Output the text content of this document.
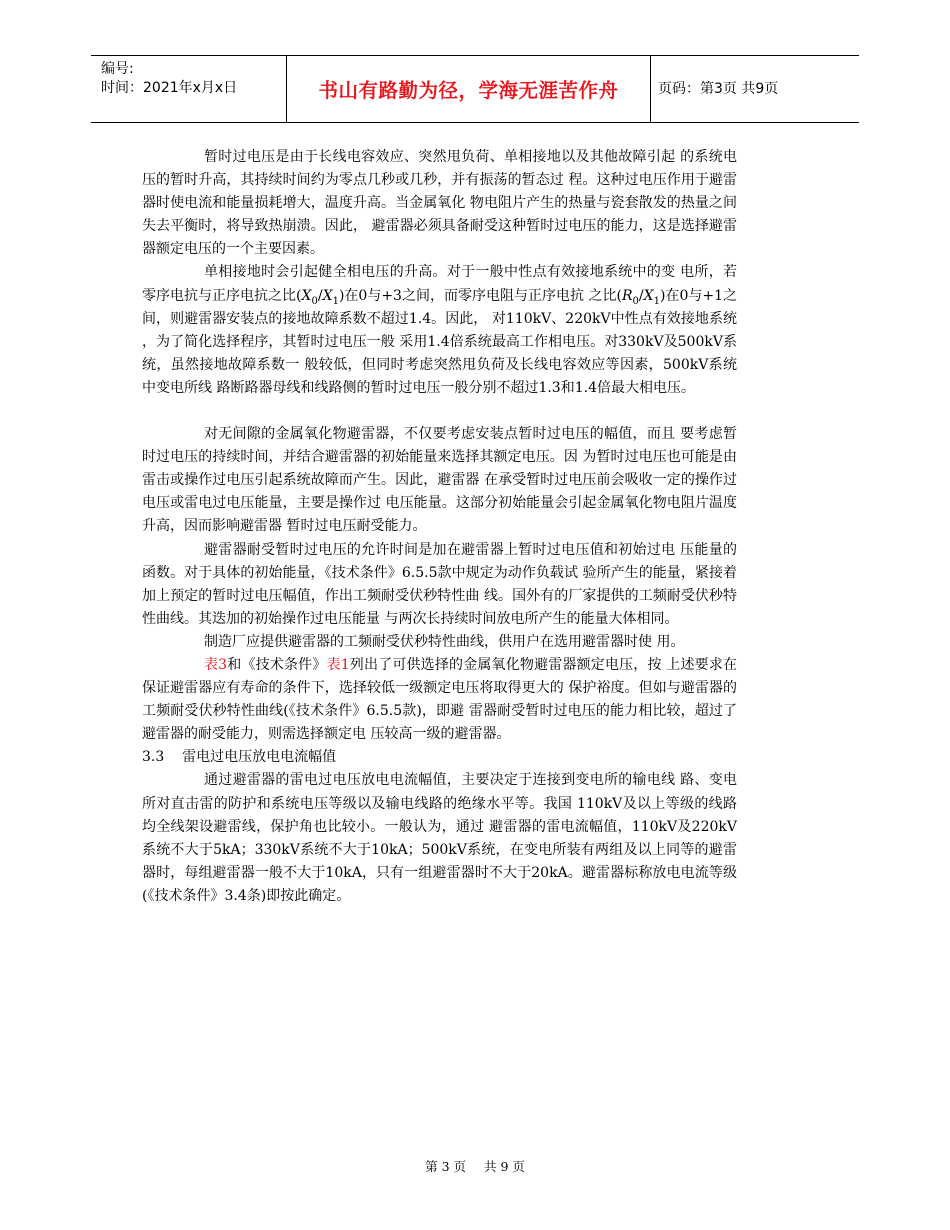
编号:
时间：2021年x月x日	书山有路勤为径，学海无涯苦作舟	页码：第3页 共9页

暂时过电压是由于长线电容效应、突然甩负荷、单相接地以及其他故障引起 的系统电压的暂时升高，其持续时间约为零点几秒或几秒，并有振荡的暂态过 程。这种过电压作用于避雷器时使电流和能量损耗增大，温度升高。当金属氧化 物电阻片产生的热量与瓷套散发的热量之间失去平衡时，将导致热崩溃。因此， 避雷器必须具备耐受这种暂时过电压的能力，这是选择避雷器额定电压的一个主要因素。

单相接地时会引起健全相电压的升高。对于一般中性点有效接地系统中的变 电所，若零序电抗与正序电抗之比$(X_0/X_1)$在0与+3之间，而零序电阻与正序电抗 之比$(R_0/X_1)$在0与+1之间，则避雷器安装点的接地故障系数不超过1.4。因此， 对110kV、220kV中性点有效接地系统，为了简化选择程序，其暂时过电压一般 采用1.4倍系统最高工作相电压。对330kV及500kV系统，虽然接地故障系数一 般较低，但同时考虑突然甩负荷及长线电容效应等因素，500kV系统中变电所线 路断路器母线和线路侧的暂时过电压一般分别不超过1.3和1.4倍最大相电压。

对无间隙的金属氧化物避雷器，不仅要考虑安装点暂时过电压的幅值，而且 要考虑暂时过电压的持续时间，并结合避雷器的初始能量来选择其额定电压。因 为暂时过电压也可能是由雷击或操作过电压引起系统故障而产生。因此，避雷器 在承受暂时过电压前会吸收一定的操作过电压或雷电过电压能量，主要是操作过 电压能量。这部分初始能量会引起金属氧化物电阻片温度升高，因而影响避雷器 暂时过电压耐受能力。

避雷器耐受暂时过电压的允许时间是加在避雷器上暂时过电压值和初始过电 压能量的函数。对于具体的初始能量，《技术条件》6.5.5款中规定为动作负载试 验所产生的能量，紧接着加上预定的暂时过电压幅值，作出工频耐受伏秒特性曲 线。国外有的厂家提供的工频耐受伏秒特性曲线。其迭加的初始操作过电压能量 与两次长持续时间放电所产生的能量大体相同。

制造厂应提供避雷器的工频耐受伏秒特性曲线，供用户在选用避雷器时使 用。

表3和《技术条件》表1列出了可供选择的金属氧化物避雷器额定电压，按 上述要求在保证避雷器应有寿命的条件下，选择较低一级额定电压将取得更大的 保护裕度。但如与避雷器的工频耐受伏秒特性曲线(《技术条件》6.5.5款)，即避 雷器耐受暂时过电压的能力相比较，超过了避雷器的耐受能力，则需选择额定电 压较高一级的避雷器。

3.3    雷电过电压放电电流幅值

通过避雷器的雷电过电压放电电流幅值，主要决定于连接到变电所的输电线 路、变电所对直击雷的防护和系统电压等级以及输电线路的绝缘水平等。我国 110kV及以上等级的线路均全线架设避雷线，保护角也比较小。一般认为，通过 避雷器的雷电流幅值，110kV及220kV系统不大于5kA；330kV系统不大于10kA；500kV系统，在变电所装有两组及以上同等的避雷器时，每组避雷器一般不大于10kA，只有一组避雷器时不大于20kA。避雷器标称放电电流等级(《技术条件》3.4条)即按此确定。

第 3 页 共 9 页
